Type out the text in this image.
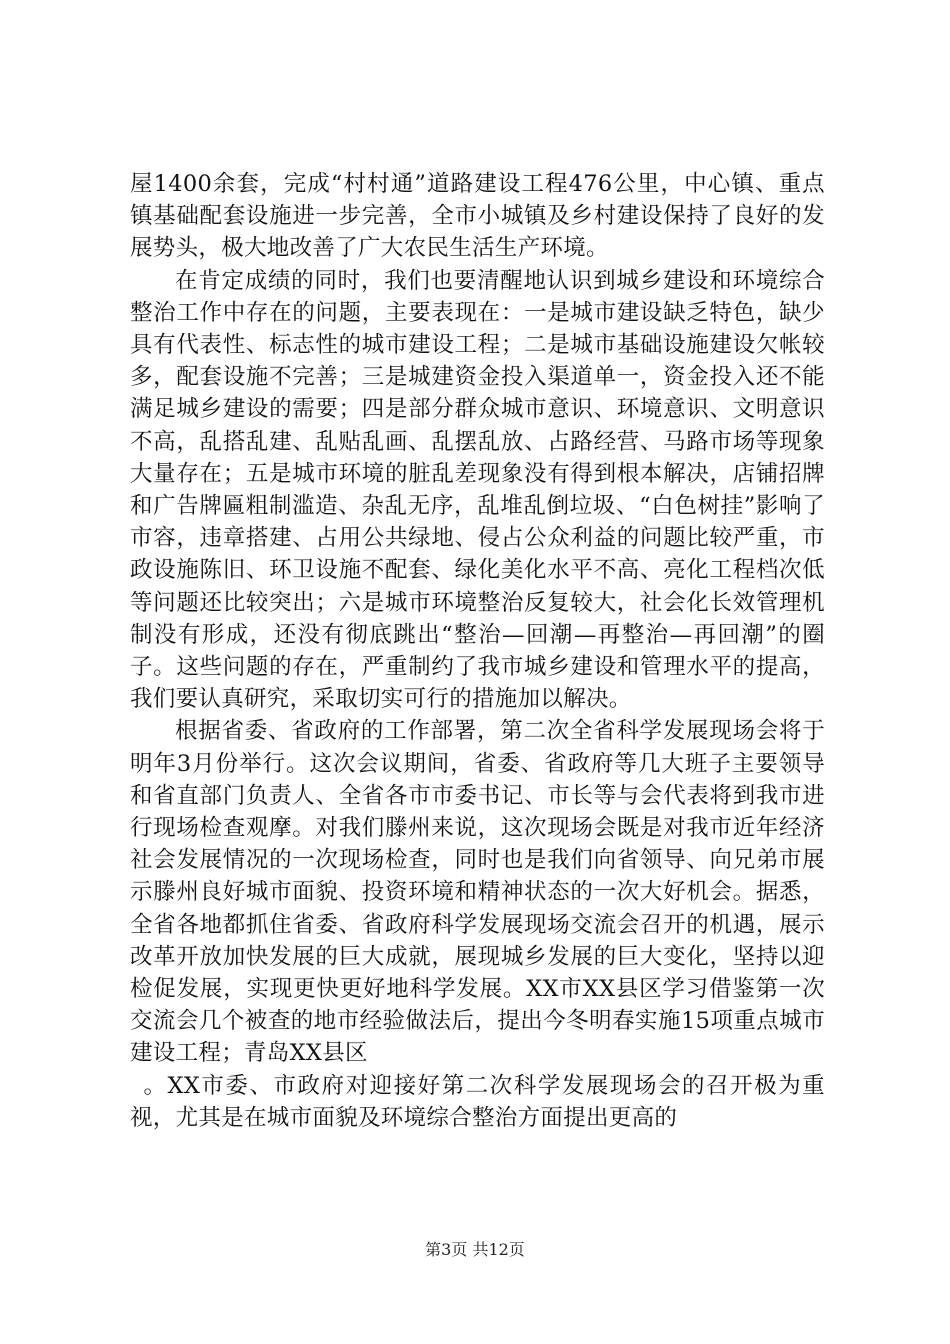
屋1400余套，完成“村村通”道路建设工程476公里，中心镇、重点镇基础配套设施进一步完善，全市小城镇及乡村建设保持了良好的发展势头，极大地改善了广大农民生活生产环境。

在肯定成绩的同时，我们也要清醒地认识到城乡建设和环境综合整治工作中存在的问题，主要表现在：一是城市建设缺乏特色，缺少具有代表性、标志性的城市建设工程；二是城市基础设施建设欠帐较多，配套设施不完善；三是城建资金投入渠道单一，资金投入还不能满足城乡建设的需要；四是部分群众城市意识、环境意识、文明意识不高，乱搭乱建、乱贴乱画、乱摆乱放、占路经营、马路市场等现象大量存在；五是城市环境的脏乱差现象没有得到根本解决，店铺招牌和广告牌匾粗制滥造、杂乱无序，乱堆乱倒垃圾、“白色树挂”影响了市容，违章搭建、占用公共绿地、侵占公众利益的问题比较严重，市政设施陈旧、环卫设施不配套、绿化美化水平不高、亮化工程档次低等问题还比较突出；六是城市环境整治反复较大，社会化长效管理机制没有形成，还没有彻底跳出“整治—回潮—再整治—再回潮”的圈子。这些问题的存在，严重制约了我市城乡建设和管理水平的提高，我们要认真研究，采取切实可行的措施加以解决。

根据省委、省政府的工作部署，第二次全省科学发展现场会将于明年3月份举行。这次会议期间，省委、省政府等几大班子主要领导和省直部门负责人、全省各市市委书记、市长等与会代表将到我市进行现场检查观摩。对我们滕州来说，这次现场会既是对我市近年经济社会发展情况的一次现场检查，同时也是我们向省领导、向兄弟市展示滕州良好城市面貌、投资环境和精神状态的一次大好机会。据悉，全省各地都抓住省委、省政府科学发展现场交流会召开的机遇，展示改革开放加快发展的巨大成就，展现城乡发展的巨大变化，坚持以迎检促发展，实现更快更好地科学发展。XX市XX县区学习借鉴第一次交流会几个被查的地市经验做法后，提出今冬明春实施15项重点城市建设工程；青岛XX县区

。XX市委、市政府对迎接好第二次科学发展现场会的召开极为重视，尤其是在城市面貌及环境综合整治方面提出更高的

第3页 共12页
